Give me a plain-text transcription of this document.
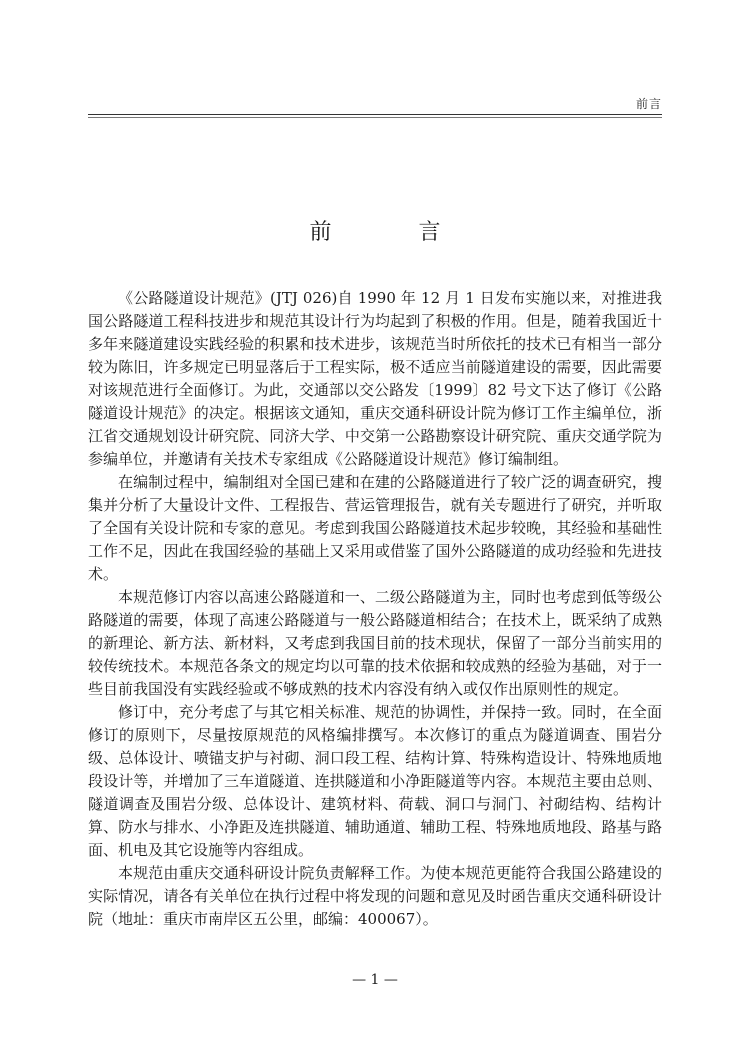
前言
前 言

《公路隧道设计规范》(JTJ 026)自 1990 年 12 月 1 日发布实施以来，对推进我国公路隧道工程科技进步和规范其设计行为均起到了积极的作用。但是，随着我国近十多年来隧道建设实践经验的积累和技术进步，该规范当时所依托的技术已有相当一部分较为陈旧，许多规定已明显落后于工程实际，极不适应当前隧道建设的需要，因此需要对该规范进行全面修订。为此，交通部以交公路发〔1999〕82 号文下达了修订《公路隧道设计规范》的决定。根据该文通知，重庆交通科研设计院为修订工作主编单位，浙江省交通规划设计研究院、同济大学、中交第一公路勘察设计研究院、重庆交通学院为参编单位，并邀请有关技术专家组成《公路隧道设计规范》修订编制组。

在编制过程中，编制组对全国已建和在建的公路隧道进行了较广泛的调查研究，搜集并分析了大量设计文件、工程报告、营运管理报告，就有关专题进行了研究，并听取了全国有关设计院和专家的意见。考虑到我国公路隧道技术起步较晚，其经验和基础性工作不足，因此在我国经验的基础上又采用或借鉴了国外公路隧道的成功经验和先进技术。

本规范修订内容以高速公路隧道和一、二级公路隧道为主，同时也考虑到低等级公路隧道的需要，体现了高速公路隧道与一般公路隧道相结合；在技术上，既采纳了成熟的新理论、新方法、新材料，又考虑到我国目前的技术现状，保留了一部分当前实用的较传统技术。本规范各条文的规定均以可靠的技术依据和较成熟的经验为基础，对于一些目前我国没有实践经验或不够成熟的技术内容没有纳入或仅作出原则性的规定。

修订中，充分考虑了与其它相关标准、规范的协调性，并保持一致。同时，在全面修订的原则下，尽量按原规范的风格编排撰写。本次修订的重点为隧道调查、围岩分级、总体设计、喷锚支护与衬砌、洞口段工程、结构计算、特殊构造设计、特殊地质地段设计等，并增加了三车道隧道、连拱隧道和小净距隧道等内容。本规范主要由总则、隧道调查及围岩分级、总体设计、建筑材料、荷载、洞口与洞门、衬砌结构、结构计算、防水与排水、小净距及连拱隧道、辅助通道、辅助工程、特殊地质地段、路基与路面、机电及其它设施等内容组成。

本规范由重庆交通科研设计院负责解释工作。为使本规范更能符合我国公路建设的实际情况，请各有关单位在执行过程中将发现的问题和意见及时函告重庆交通科研设计院（地址：重庆市南岸区五公里，邮编：400067）。

— 1 —
